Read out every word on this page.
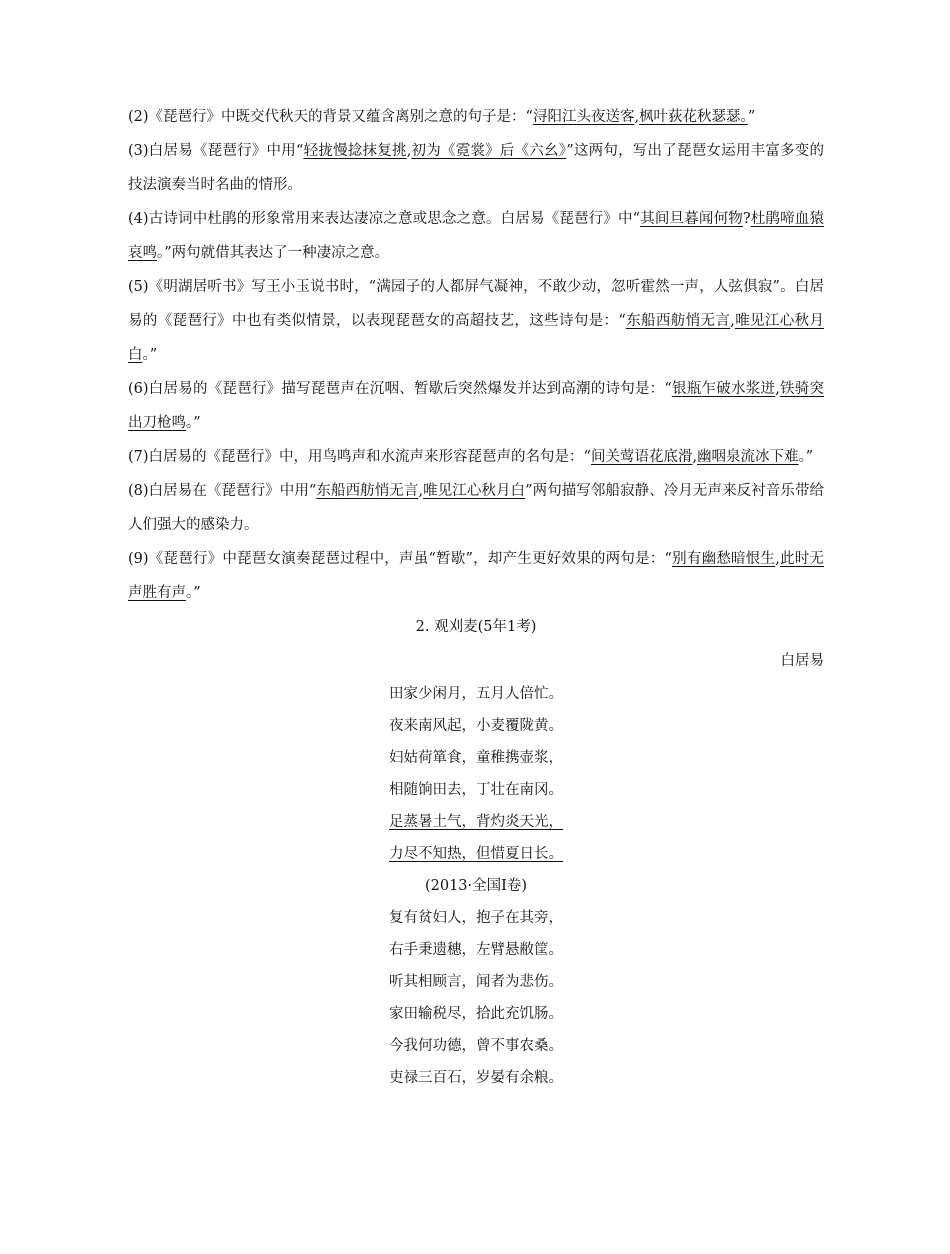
(2)《琵琶行》中既交代秋天的背景又蕴含离别之意的句子是：“浔阳江头夜送客,枫叶荻花秋瑟瑟。”

(3)白居易《琵琶行》中用“轻拢慢捻抹复挑,初为《霓裳》后《六幺》”这两句，写出了琵琶女运用丰富多变的技法演奏当时名曲的情形。

(4)古诗词中杜鹃的形象常用来表达凄凉之意或思念之意。白居易《琵琶行》中“其间旦暮闻何物?杜鹃啼血猿哀鸣。”两句就借其表达了一种凄凉之意。

(5)《明湖居听书》写王小玉说书时，“满园子的人都屏气凝神，不敢少动，忽听霍然一声，人弦俱寂”。白居易的《琵琶行》中也有类似情景，以表现琵琶女的高超技艺，这些诗句是：“东船西舫悄无言,唯见江心秋月白。”

(6)白居易的《琵琶行》描写琵琶声在沉咽、暂歇后突然爆发并达到高潮的诗句是：“银瓶乍破水浆迸,铁骑突出刀枪鸣。”

(7)白居易的《琵琶行》中，用鸟鸣声和水流声来形容琵琶声的名句是：“间关莺语花底滑,幽咽泉流冰下难。”

(8)白居易在《琵琶行》中用“东船西舫悄无言,唯见江心秋月白”两句描写邻船寂静、冷月无声来反衬音乐带给人们强大的感染力。

(9)《琵琶行》中琵琶女演奏琵琶过程中，声虽“暂歇”，却产生更好效果的两句是：“别有幽愁暗恨生,此时无声胜有声。”

2. 观刈麦(5年1考)
白居易
田家少闲月，五月人倍忙。
夜来南风起，小麦覆陇黄。
妇姑荷箪食，童稚携壶浆，
相随饷田去，丁壮在南冈。
足蒸暑土气，背灼炎天光，
力尽不知热，但惜夏日长。
(2013·全国Ⅰ卷)
复有贫妇人，抱子在其旁，
右手秉遗穗，左臂悬敝筐。
听其相顾言，闻者为悲伤。
家田输税尽，拾此充饥肠。
今我何功德，曾不事农桑。
吏禄三百石，岁晏有余粮。
